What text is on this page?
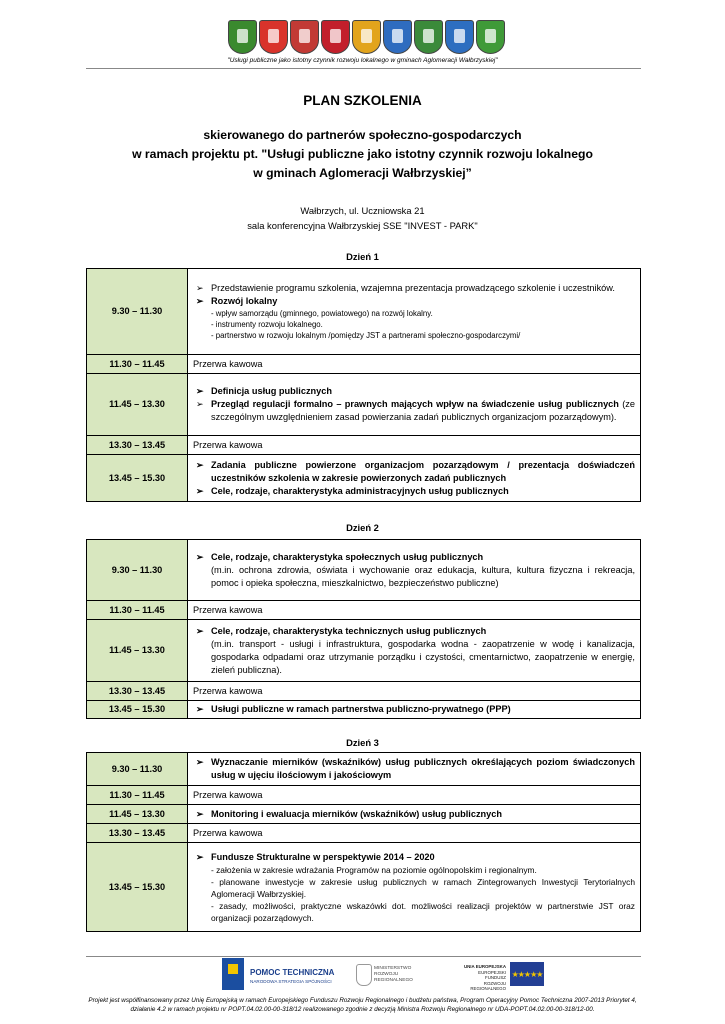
"Usługi publiczne jako istotny czynnik rozwoju lokalnego w gminach Aglomeracji Wałbrzyskiej"
PLAN SZKOLENIA
skierowanego do partnerów społeczno-gospodarczych
w ramach projektu pt. "Usługi publiczne jako istotny czynnik rozwoju lokalnego
w gminach Aglomeracji Wałbrzyskiej”
Wałbrzych, ul. Uczniowska 21
sala konferencyjna Wałbrzyskiej SSE "INVEST - PARK"
Dzień 1
9.30 – 11.30	➢ Przedstawienie programu szkolenia, wzajemna prezentacja prowadzącego szkolenie i uczestników.
➢ Rozwój lokalny
- wpływ samorządu (gminnego, powiatowego) na rozwój lokalny.
- instrumenty rozwoju lokalnego.
- partnerstwo w rozwoju lokalnym /pomiędzy JST a partnerami społeczno-gospodarczymi/

11.30 – 11.45	Przerwa kawowa
11.45 – 13.30	➢ Definicja usług publicznych
➢ Przegląd regulacji formalno – prawnych mających wpływ na świadczenie usług publicznych (ze szczególnym uwzględnieniem zasad powierzania zadań publicznych organizacjom pozarządowym).

13.30 – 13.45	Przerwa kawowa
13.45 – 15.30	➢ Zadania publiczne powierzone organizacjom pozarządowym / prezentacja doświadczeń uczestników szkolenia w zakresie powierzonych zadań publicznych
➢ Cele, rodzaje, charakterystyka administracyjnych usług publicznych
Dzień 2
9.30 – 11.30	➢ Cele, rodzaje, charakterystyka społecznych usług publicznych
(m.in. ochrona zdrowia, oświata i wychowanie oraz edukacja, kultura, kultura fizyczna i rekreacja, pomoc i opieka społeczna, mieszkalnictwo, bezpieczeństwo publiczne)

11.30 – 11.45	Przerwa kawowa
11.45 – 13.30	➢ Cele, rodzaje, charakterystyka technicznych usług publicznych
(m.in. transport - usługi i infrastruktura, gospodarka wodna - zaopatrzenie w wodę i kanalizacja, gospodarka odpadami oraz utrzymanie porządku i czystości, cmentarnictwo, zaopatrzenie w energię, zieleń publiczna).

13.30 – 13.45	Przerwa kawowa
13.45 – 15.30	➢ Usługi publiczne w ramach partnerstwa publiczno-prywatnego (PPP)
Dzień 3
9.30 – 11.30	➢ Wyznaczanie mierników (wskaźników) usług publicznych określających poziom świadczonych usług w ujęciu ilościowym i jakościowym

11.30 – 11.45	Przerwa kawowa
11.45 – 13.30	➢ Monitoring i ewaluacja mierników (wskaźników) usług publicznych

13.30 – 13.45	Przerwa kawowa
13.45 – 15.30	➢ Fundusze Strukturalne w perspektywie 2014 – 2020
- założenia w zakresie wdrażania Programów na poziomie ogólnopolskim i regionalnym.
- planowane inwestycje w zakresie usług publicznych w ramach Zintegrowanych Inwestycji Terytorialnych Aglomeracji Wałbrzyskiej.
- zasady, możliwości, praktyczne wskazówki dot. możliwości realizacji projektów w partnerstwie JST oraz organizacji pozarządowych.
POMOC TECHNICZNA
NARODOWA STRATEGIA SPÓJNOŚCI
MINISTERSTWO
ROZWOJU
REGIONALNEGO
UNIA EUROPEJSKA
EUROPEJSKI FUNDUSZ
ROZWOJU REGIONALNEGO
★★★★★
Projekt jest współfinansowany przez Unię Europejską w ramach Europejskiego Funduszu Rozwoju Regionalnego i budżetu państwa, Program Operacyjny Pomoc Techniczna 2007-2013 Priorytet 4,
działanie 4.2 w ramach projektu nr POPT.04.02.00-00-318/12 realizowanego zgodnie z decyzją Ministra Rozwoju Regionalnego nr UDA-POPT.04.02.00-00-318/12-00.
